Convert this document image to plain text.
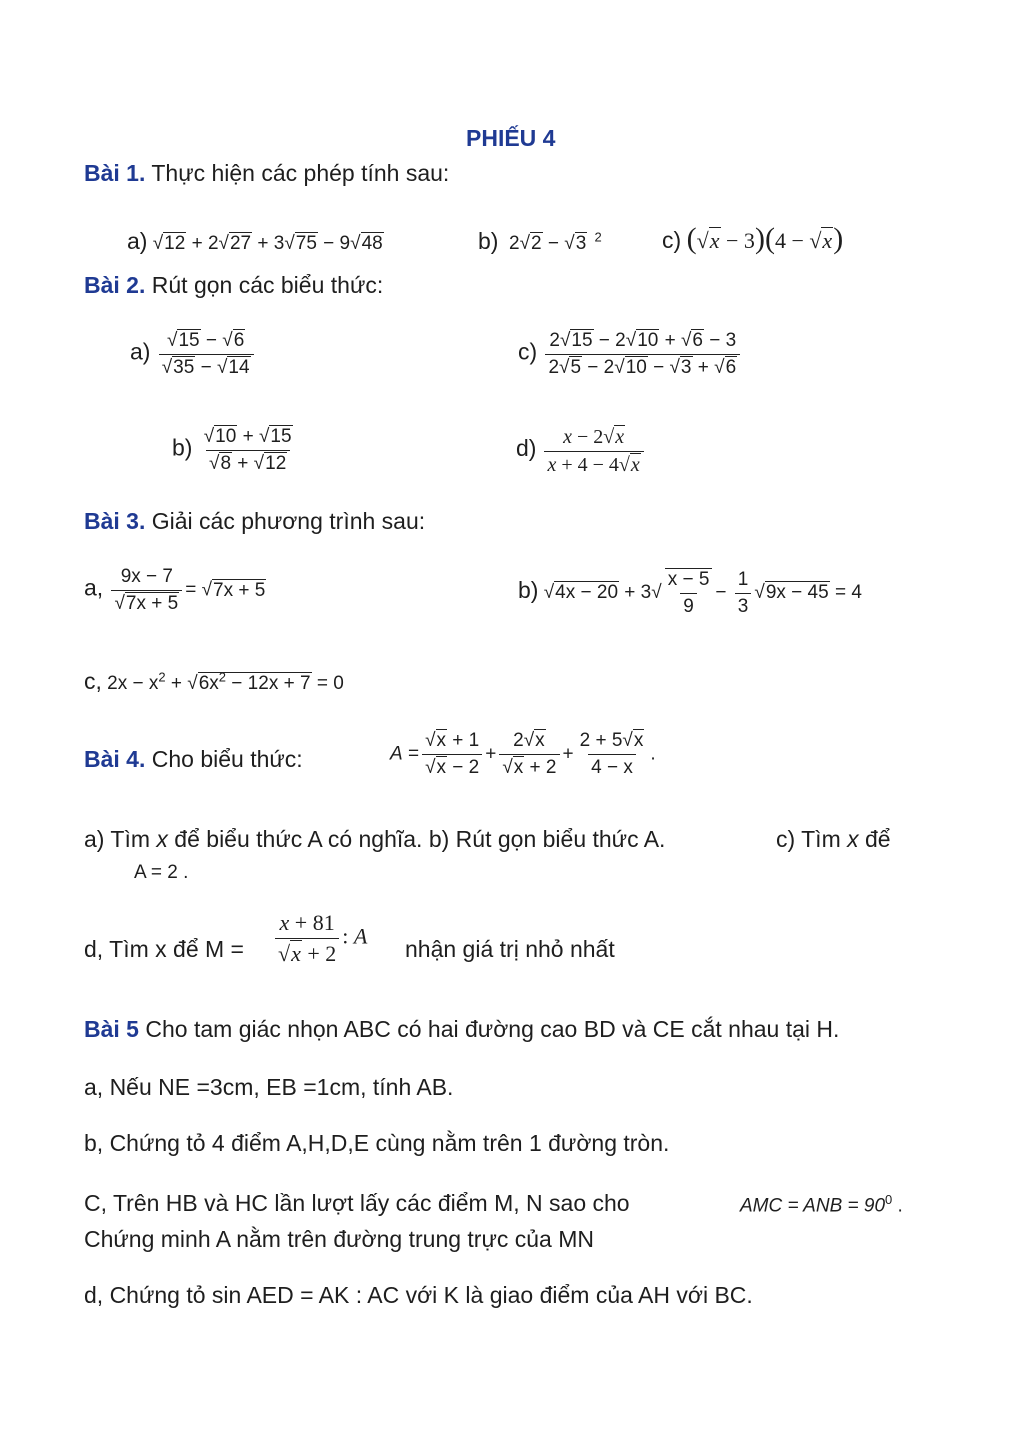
PHIẾU 4
Bài 1. Thực hiện các phép tính sau:
a) √12 + 2√27 + 3√75 − 9√48	b)  2√2 − √3  $^2$	c) (√x − 3)(4 − √x)
Bài 2. Rút gọn các biểu thức:
$a) \frac{√15 - √6}{√35 - √14}$	$c) \frac{2√15 - 2√10 + √6 - 3}{2√5 - 2√10 - √3 + √6}$
$b) \frac{√10 + √15}{√8 + √12}$	$d) \frac{x - 2√x}{x + 4 - 4√x}$
Bài 3. Giải các phương trình sau:
a, $\frac{9x - 7}{√7x + 5} = √7x + 5$	b) $√4x - 20 + 3√ \frac{x - 5}{9} - \frac{1}{3} √9x - 45 = 4$
c, $2x - x^2 + √6x^2 - 12x + 7 = 0$
Bài 4. Cho biểu thức:	$A = \frac{√x + 1}{√x - 2} + \frac{2√x}{√x + 2} + \frac{2 + 5√x}{4 - x}$ .
a) Tìm x để biểu thức A có nghĩa. b) Rút gọn biểu thức A.	c) Tìm x để
A = 2 .
d, Tìm x để $M = \frac{x + 81}{√x + 2}$ : A nhận giá trị nhỏ nhất
Bài 5 Cho tam giác nhọn ABC có hai đường cao BD và CE cắt nhau tại H.
a, Nếu NE =3cm, EB =1cm, tính AB.
b, Chứng tỏ 4 điểm A,H,D,E cùng nằm trên 1 đường tròn.
C, Trên HB và HC lần lượt lấy các điểm M, N sao cho	AMC = ANB = $90^0$ .
Chứng minh A nằm trên đường trung trực của MN
d, Chứng tỏ sin AED = AK : AC với K là giao điểm của AH với BC.
